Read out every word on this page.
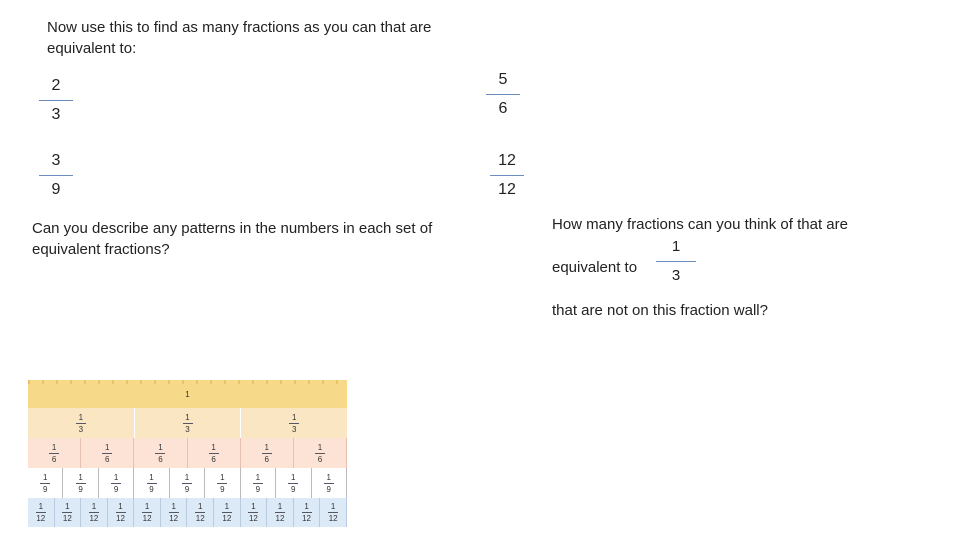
Now use this to find as many fractions as you can that are equivalent to:
2
3
3
9
Can you describe any patterns in the numbers in each set of equivalent fractions?
5
6
12
12
How many fractions can you think of that are
equivalent to
1
3
that are not on this fraction wall?
1
1
3
1
3
1
3
1
6
1
6
1
6
1
6
1
6
1
6
1
9
1
9
1
9
1
9
1
9
1
9
1
9
1
9
1
9
1
12
1
12
1
12
1
12
1
12
1
12
1
12
1
12
1
12
1
12
1
12
1
12
